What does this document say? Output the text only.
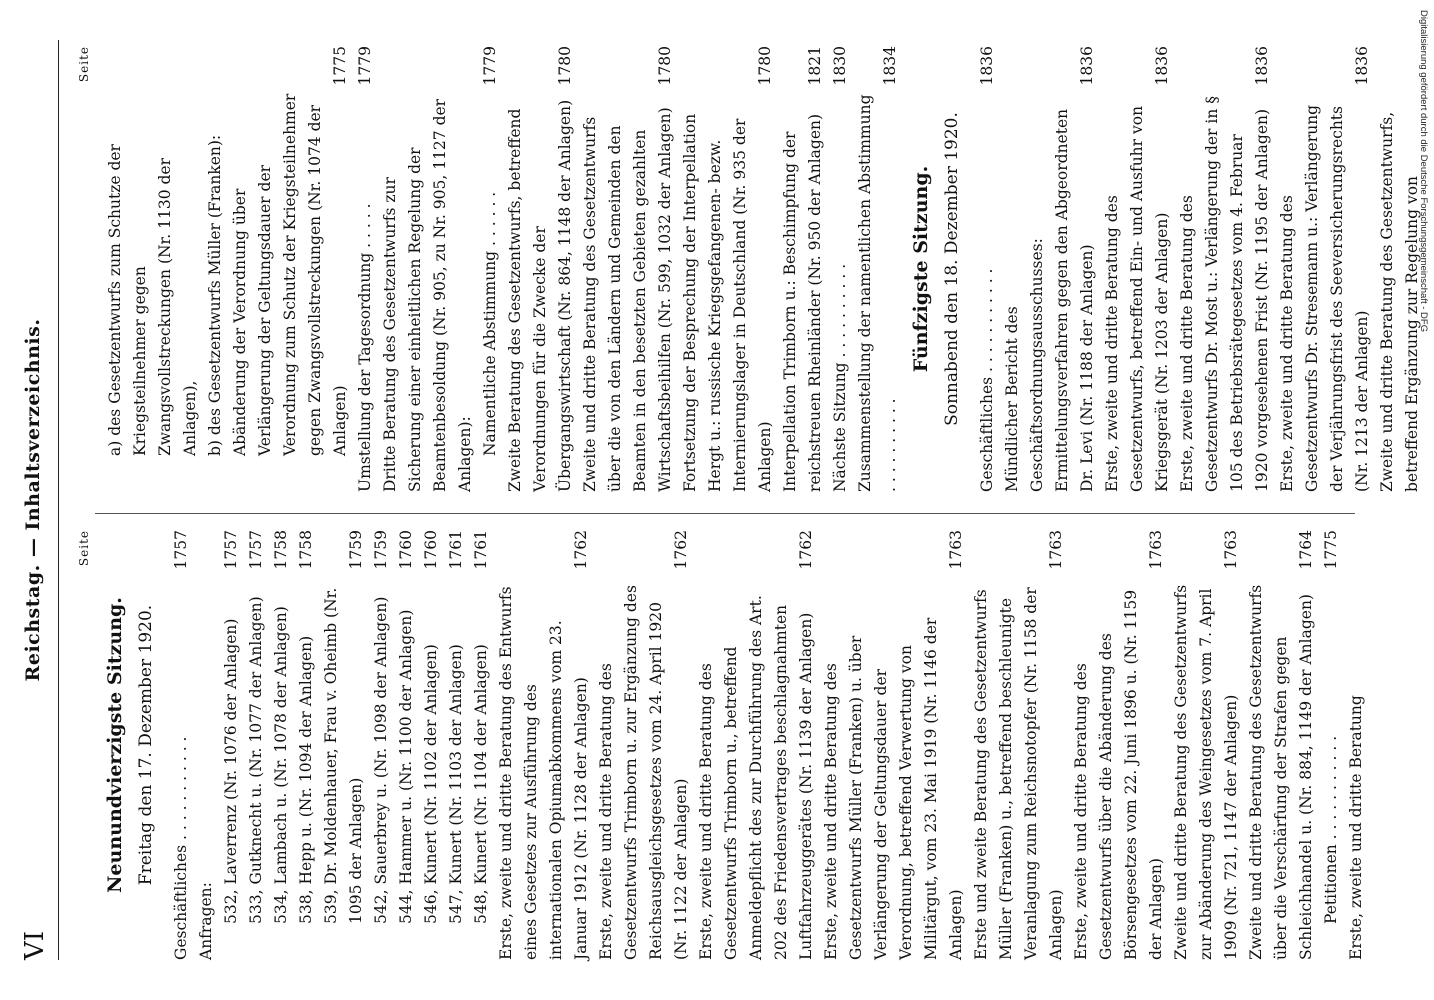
VI
Reichstag. — Inhaltsverzeichnis.	Seite
Neunundvierzigste Sitzung. Freitag den 17. Dezember 1920. Geschäftliches . . . . . . . . . . .
1757
Anfragen: 532, Laverrenz (Nr. 1076 der Anlagen)
1757
533, Gutknecht u. (Nr. 1077 der Anlagen)
1757
534, Lambach u. (Nr. 1078 der Anlagen)
1758
538, Hepp u. (Nr. 1094 der Anlagen)
1758
539, Dr. Moldenhauer, Frau v. Oheimb (Nr. 1095 der Anlagen)
1759
542, Sauerbrey u. (Nr. 1098 der Anlagen)
1759
544, Hammer u. (Nr. 1100 der Anlagen)
1760
546, Kunert (Nr. 1102 der Anlagen)
1760
547, Kunert (Nr. 1103 der Anlagen)
1761
548, Kunert (Nr. 1104 der Anlagen)
1761
Erste, zweite und dritte Beratung des Entwurfs eines Gesetzes zur Ausführung des internationalen Opiumabkommens vom 23. Januar 1912 (Nr. 1128 der Anlagen)
1762
Erste, zweite und dritte Beratung des Gesetzentwurfs Trimborn u. zur Ergänzung des Reichsausgleichsgesetzes vom 24. April 1920 (Nr. 1122 der Anlagen)
1762
Erste, zweite und dritte Beratung des Gesetzentwurfs Trimborn u., betreffend Anmeldepflicht des zur Durchführung des Art. 202 des Friedensvertrages beschlagnahmten Luftfahrzeuggerätes (Nr. 1139 der Anlagen)
1762
Erste, zweite und dritte Beratung des Gesetzentwurfs Müller (Franken) u. über Verlängerung der Geltungsdauer der Verordnung, betreffend Verwertung von Militärgut, vom 23. Mai 1919 (Nr. 1146 der Anlagen)
1763
Erste und zweite Beratung des Gesetzentwurfs Müller (Franken) u., betreffend beschleunigte Veranlagung zum Reichsnotopfer (Nr. 1158 der Anlagen)
1763
Erste, zweite und dritte Beratung des Gesetzentwurfs über die Abänderung des Börsengesetzes vom 22. Juni 1896 u. (Nr. 1159 der Anlagen)
1763
Zweite und dritte Beratung des Gesetzentwurfs zur Abänderung des Weingesetzes vom 7. April 1909 (Nr. 721, 1147 der Anlagen)
1763
Zweite und dritte Beratung des Gesetzentwurfs über die Verschärfung der Strafen gegen Schleichhandel u. (Nr. 884, 1149 der Anlagen)
1764
Petitionen . . . . . . . . . . .
1775
Erste, zweite und dritte Beratung
Seite
a) des Gesetzentwurfs zum Schutze der Kriegsteilnehmer gegen Zwangsvollstreckungen (Nr. 1130 der Anlagen), b) des Gesetzentwurfs Müller (Franken): Abänderung der Verordnung über Verlängerung der Geltungsdauer der Verordnung zum Schutz der Kriegsteilnehmer gegen Zwangsvollstreckungen (Nr. 1074 der Anlagen)
1775
Umstellung der Tagesordnung . . . . .
1779
Dritte Beratung des Gesetzentwurfs zur Sicherung einer einheitlichen Regelung der Beamtenbesoldung (Nr. 905, zu Nr. 905, 1127 der Anlagen): Namentliche Abstimmung . . . . . .
1779
Zweite Beratung des Gesetzentwurfs, betreffend Verordnungen für die Zwecke der Übergangswirtschaft (Nr. 864, 1148 der Anlagen)
1780
Zweite und dritte Beratung des Gesetzentwurfs über die von den Ländern und Gemeinden den Beamten in den besetzten Gebieten gezahlten Wirtschaftsbeihilfen (Nr. 599, 1032 der Anlagen)
1780
Fortsetzung der Besprechung der Interpellation Hergt u.: russische Kriegsgefangenen- bezw. Internierungslager in Deutschland (Nr. 935 der Anlagen)
1780
Interpellation Trimborn u.: Beschimpfung der reichstreuen Rheinländer (Nr. 950 der Anlagen)
1821
Nächste Sitzung . . . . . . . . . .
1830
Zusammenstellung der namentlichen Abstimmung . . . . . . . . . .
1834
Fünfzigste Sitzung. Sonnabend den 18. Dezember 1920. Geschäftliches . . . . . . . . . . .
1836
Mündlicher Bericht des Geschäftsordnungsausschusses: Ermittelungsverfahren gegen den Abgeordneten Dr. Levi (Nr. 1188 der Anlagen)
1836
Erste, zweite und dritte Beratung des Gesetzentwurfs, betreffend Ein- und Ausfuhr von Kriegsgerät (Nr. 1203 der Anlagen)
1836
Erste, zweite und dritte Beratung des Gesetzentwurfs Dr. Most u.: Verlängerung der in § 105 des Betriebsrätegesetzes vom 4. Februar 1920 vorgesehenen Frist (Nr. 1195 der Anlagen)
1836
Erste, zweite und dritte Beratung des Gesetzentwurfs Dr. Stresemann u.: Verlängerung der Verjährungsfrist des Seeversicherungsrechts (Nr. 1213 der Anlagen)
1836
Zweite und dritte Beratung des Gesetzentwurfs, betreffend Ergänzung zur Regelung von
Digitalisierung gefördert durch die Deutsche Forschungsgemeinschaft - DFG
